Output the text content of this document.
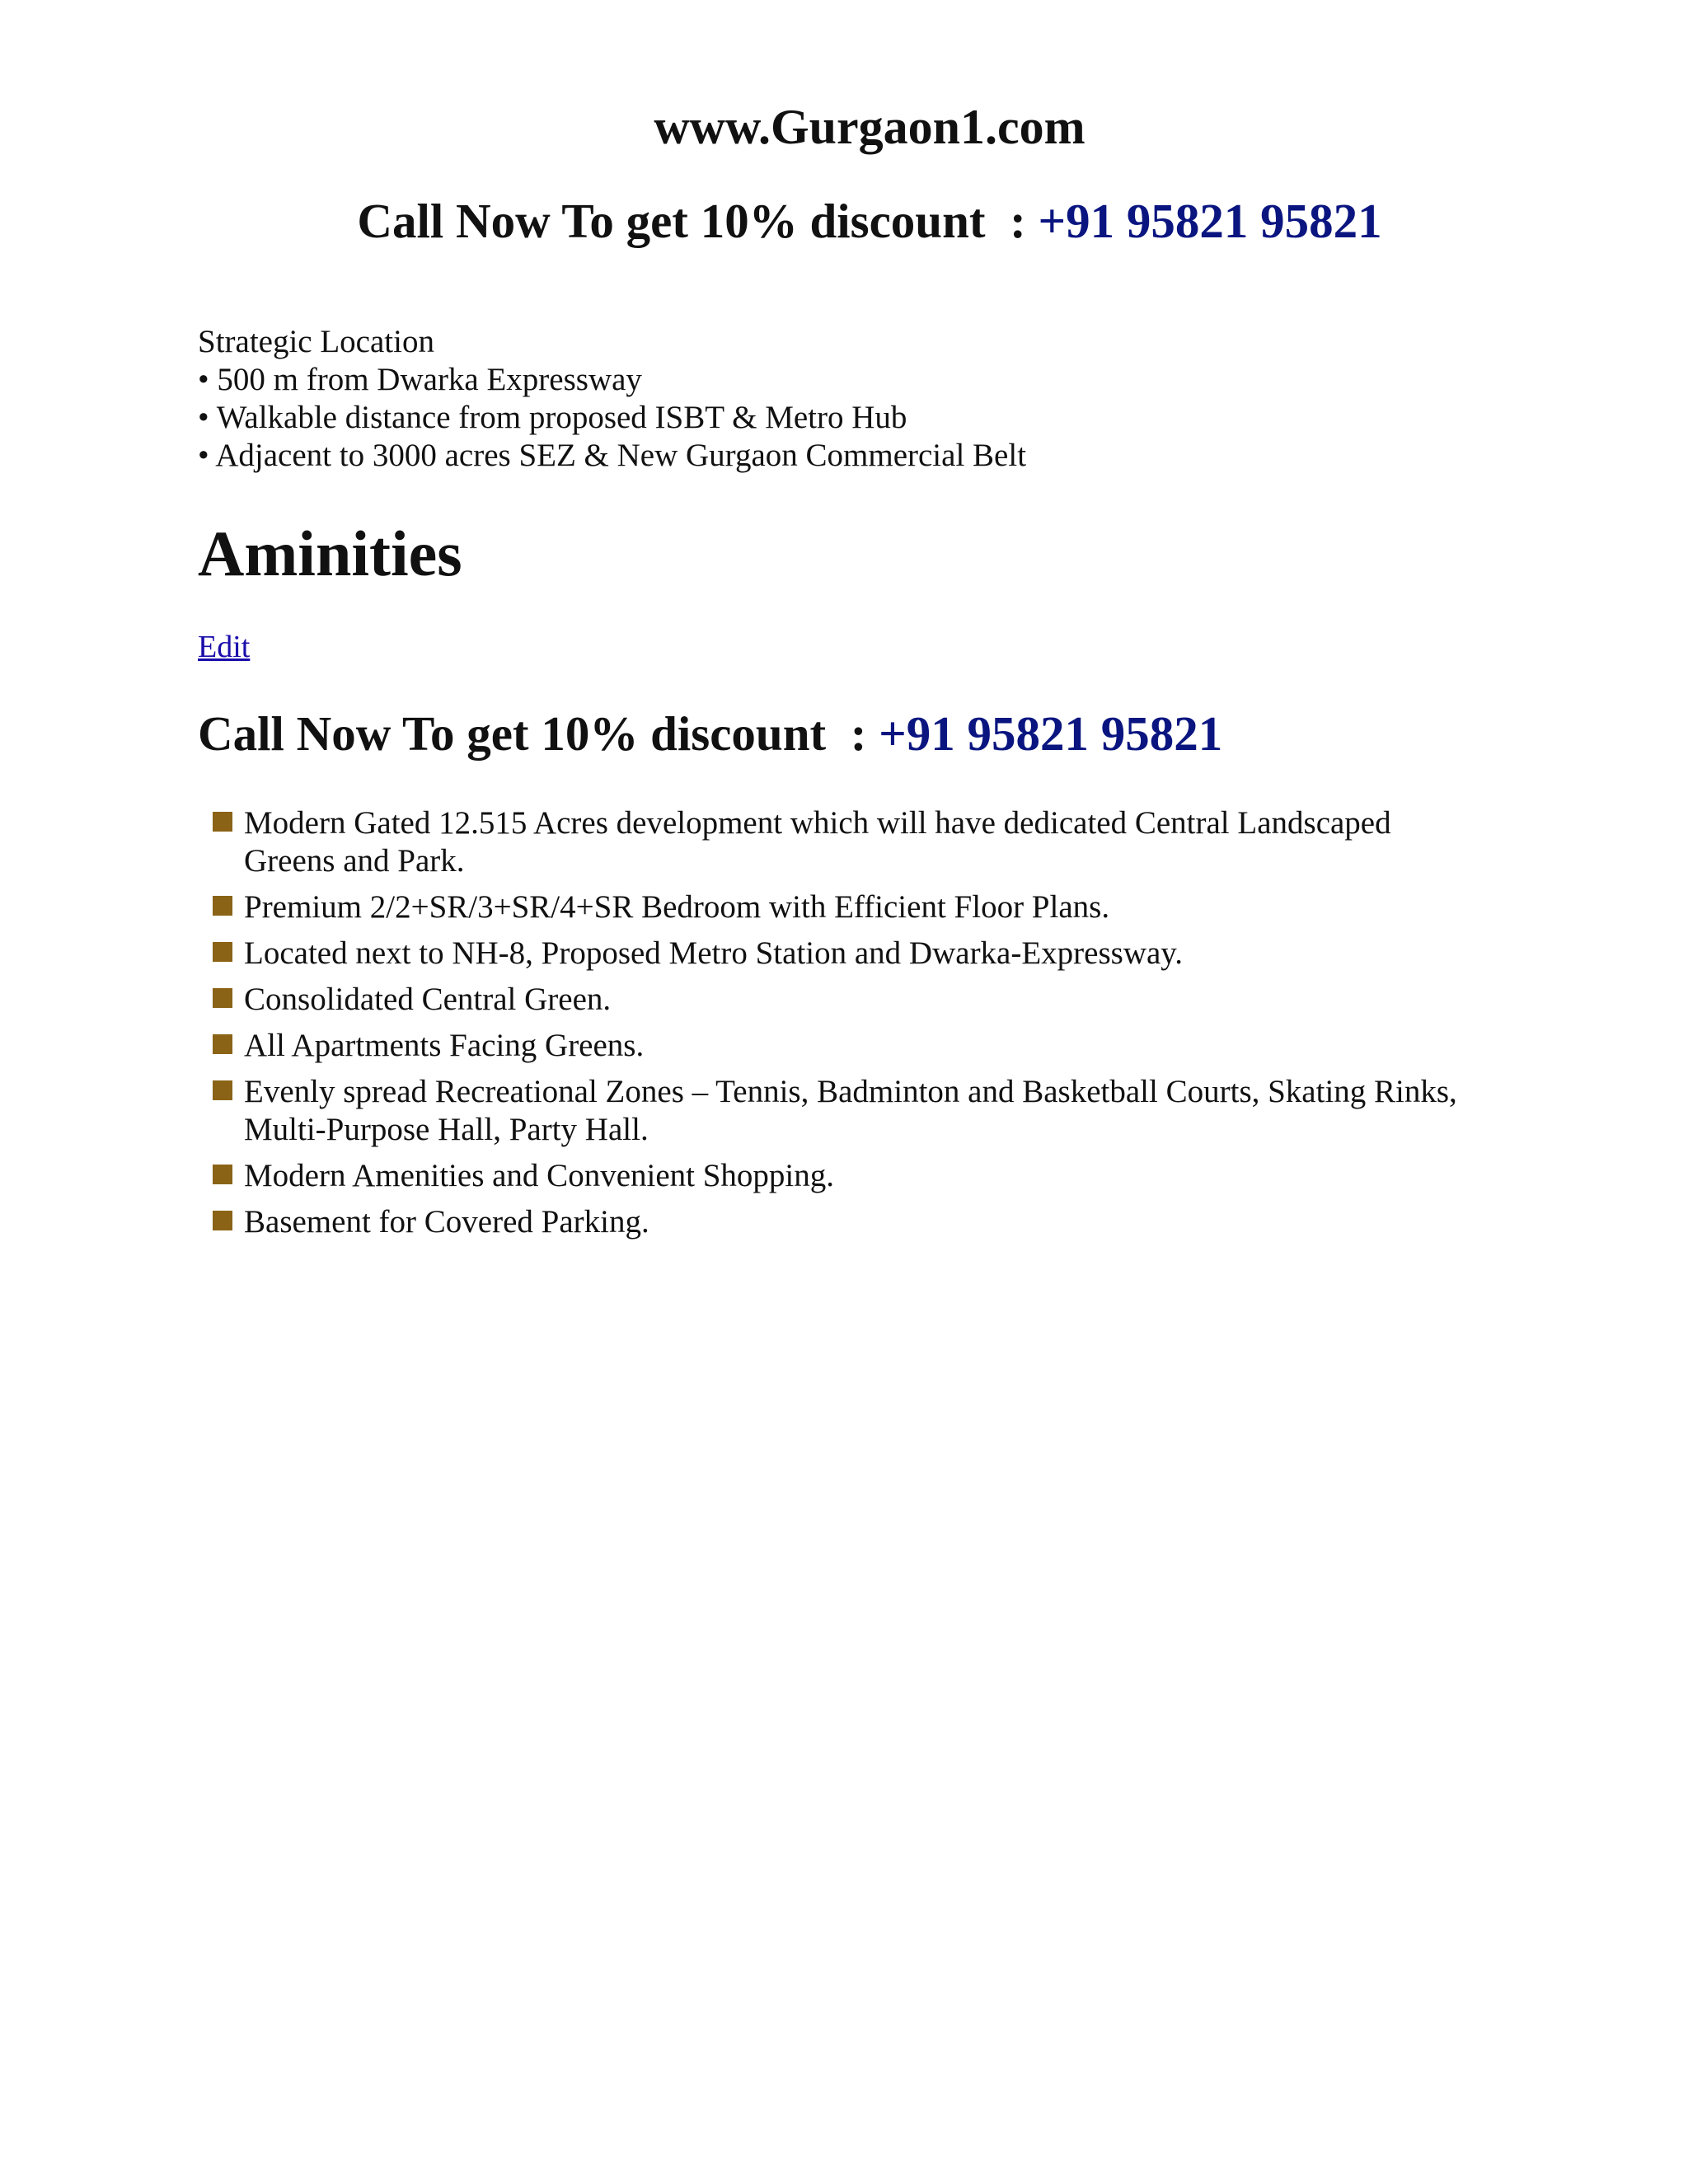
www.Gurgaon1.com
Call Now To get 10% discount  : +91 95821 95821
Strategic Location
• 500 m from Dwarka Expressway
• Walkable distance from proposed ISBT & Metro Hub
• Adjacent to 3000 acres SEZ & New Gurgaon Commercial Belt
Aminities
Edit
Call Now To get 10% discount  : +91 95821 95821
Modern Gated 12.515 Acres development which will have dedicated Central Landscaped Greens and Park.
Premium 2/2+SR/3+SR/4+SR Bedroom with Efficient Floor Plans.
Located next to NH-8, Proposed Metro Station and Dwarka-Expressway.
Consolidated Central Green.
All Apartments Facing Greens.
Evenly spread Recreational Zones – Tennis, Badminton and Basketball Courts, Skating Rinks, Multi-Purpose Hall, Party Hall.
Modern Amenities and Convenient Shopping.
Basement for Covered Parking.
